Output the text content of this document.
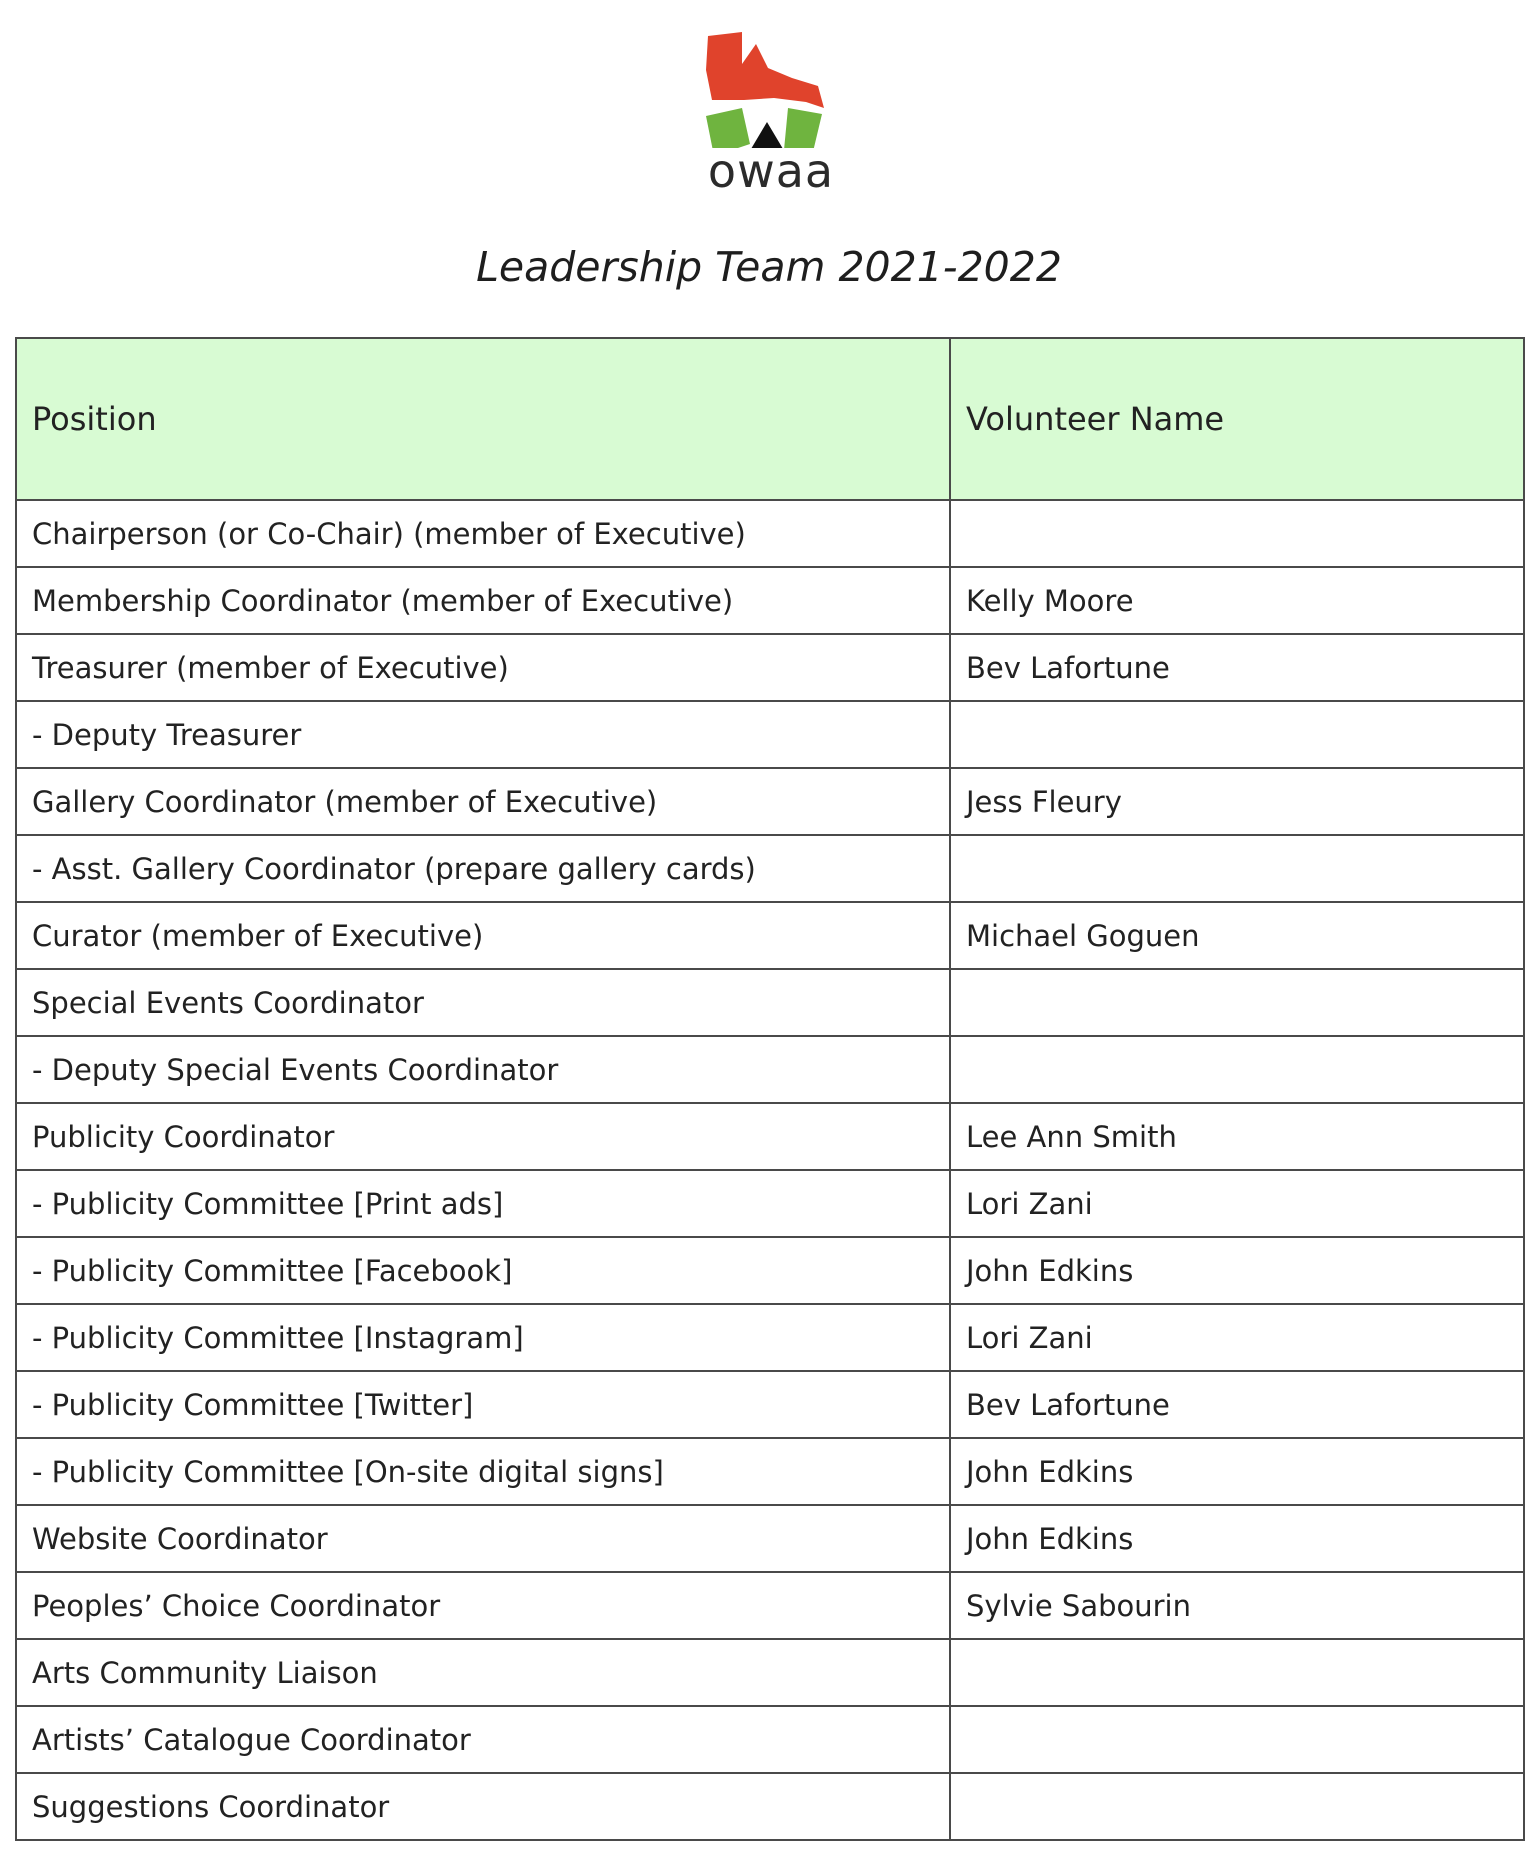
owaa
Leadership Team 2021-2022
Position	Volunteer Name
Chairperson (or Co-Chair) (member of Executive)	
Membership Coordinator (member of Executive)	Kelly Moore
Treasurer (member of Executive)	Bev Lafortune
- Deputy Treasurer	
Gallery Coordinator (member of Executive)	Jess Fleury
- Asst. Gallery Coordinator (prepare gallery cards)	
Curator (member of Executive)	Michael Goguen
Special Events Coordinator	
- Deputy Special Events Coordinator	
Publicity Coordinator	Lee Ann Smith
- Publicity Committee [Print ads]	Lori Zani
- Publicity Committee [Facebook]	John Edkins
- Publicity Committee [Instagram]	Lori Zani
- Publicity Committee [Twitter]	Bev Lafortune
- Publicity Committee [On-site digital signs]	John Edkins
Website Coordinator	John Edkins
Peoples’ Choice Coordinator	Sylvie Sabourin
Arts Community Liaison	
Artists’ Catalogue Coordinator	
Suggestions Coordinator	
